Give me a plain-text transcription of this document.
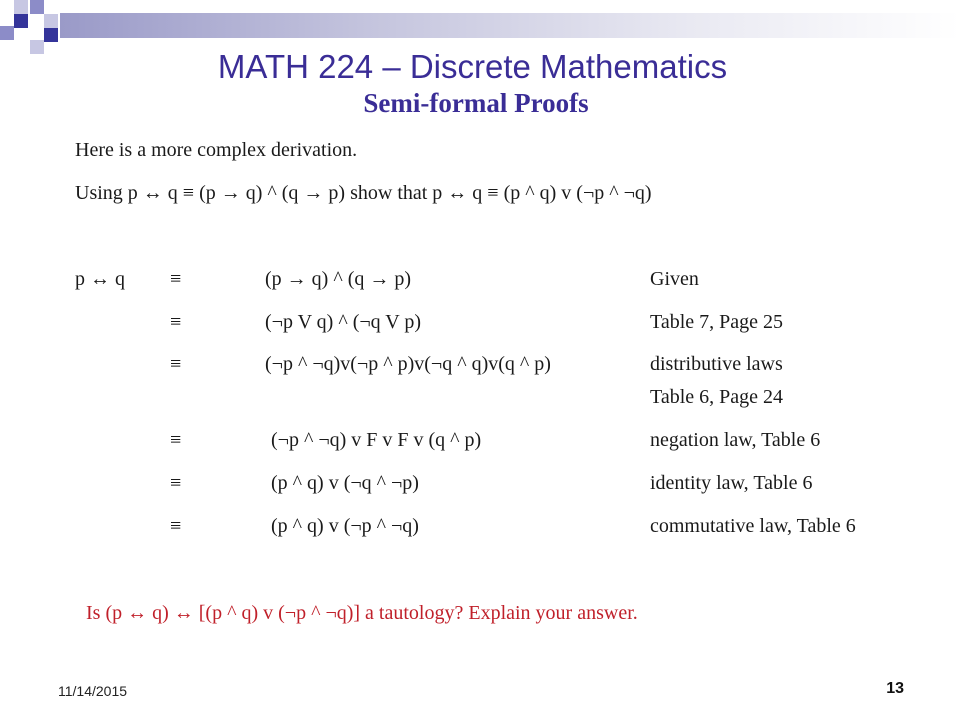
MATH 224 – Discrete Mathematics
Semi-formal Proofs
Here is a more complex derivation.
Using p ↔ q ≡ (p → q) ^ (q → p) show that p ↔ q ≡ (p ^ q) v (¬p ^ ¬q)
p ↔ q ≡	(p → q) ^ (q → p)	Given
≡	(¬p V q) ^ (¬q V p)	Table 7, Page 25
≡	(¬p ^ ¬q)v(¬p ^ p)v(¬q ^ q)v(q ^ p)	distributive laws
Table 6, Page 24
≡	(¬p ^ ¬q) v F v F v (q ^ p)	negation law, Table 6
≡	(p ^ q) v (¬q ^ ¬p)	identity law, Table 6
≡	(p ^ q) v (¬p ^ ¬q)	commutative law, Table 6
Is (p ↔ q) ↔ [(p ^ q) v (¬p ^ ¬q)] a tautology? Explain your answer.
11/14/2015	13
